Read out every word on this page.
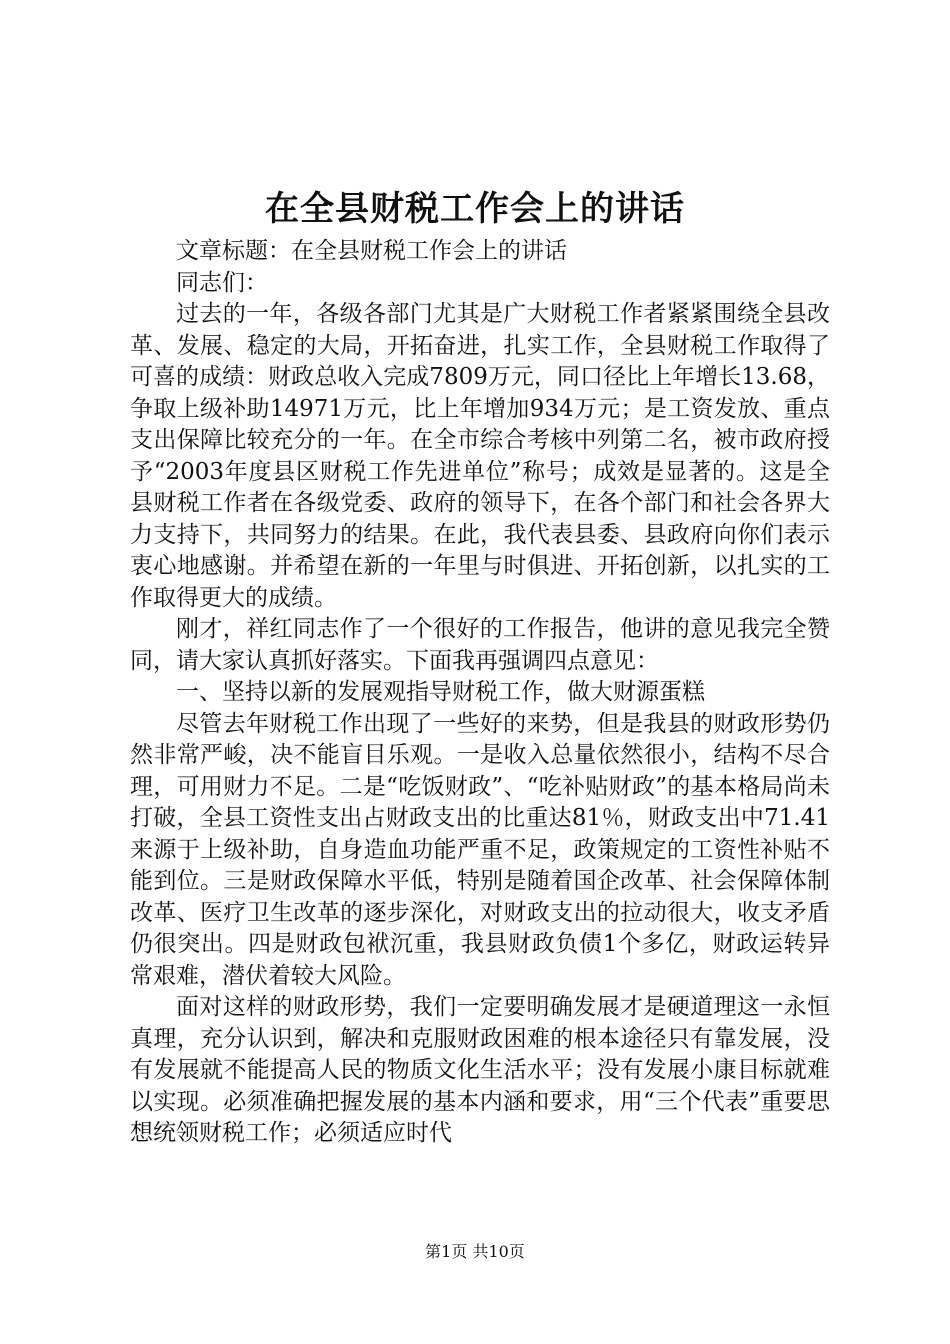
在全县财税工作会上的讲话

文章标题：在全县财税工作会上的讲话

同志们：

过去的一年，各级各部门尤其是广大财税工作者紧紧围绕全县改革、发展、稳定的大局，开拓奋进，扎实工作，全县财税工作取得了可喜的成绩：财政总收入完成7809万元，同口径比上年增长13.68，争取上级补助14971万元，比上年增加934万元；是工资发放、重点支出保障比较充分的一年。在全市综合考核中列第二名，被市政府授予“2003年度县区财税工作先进单位”称号；成效是显著的。这是全县财税工作者在各级党委、政府的领导下，在各个部门和社会各界大力支持下，共同努力的结果。在此，我代表县委、县政府向你们表示衷心地感谢。并希望在新的一年里与时俱进、开拓创新，以扎实的工作取得更大的成绩。

刚才，祥红同志作了一个很好的工作报告，他讲的意见我完全赞同，请大家认真抓好落实。下面我再强调四点意见：

一、坚持以新的发展观指导财税工作，做大财源蛋糕

尽管去年财税工作出现了一些好的来势，但是我县的财政形势仍然非常严峻，决不能盲目乐观。一是收入总量依然很小，结构不尽合理，可用财力不足。二是“吃饭财政”、“吃补贴财政”的基本格局尚未打破，全县工资性支出占财政支出的比重达81％，财政支出中71.41来源于上级补助，自身造血功能严重不足，政策规定的工资性补贴不能到位。三是财政保障水平低，特别是随着国企改革、社会保障体制改革、医疗卫生改革的逐步深化，对财政支出的拉动很大，收支矛盾仍很突出。四是财政包袱沉重，我县财政负债1个多亿，财政运转异常艰难，潜伏着较大风险。

面对这样的财政形势，我们一定要明确发展才是硬道理这一永恒真理，充分认识到，解决和克服财政困难的根本途径只有靠发展，没有发展就不能提高人民的物质文化生活水平；没有发展小康目标就难以实现。必须准确把握发展的基本内涵和要求，用“三个代表”重要思想统领财税工作；必须适应时代

第1页 共10页
